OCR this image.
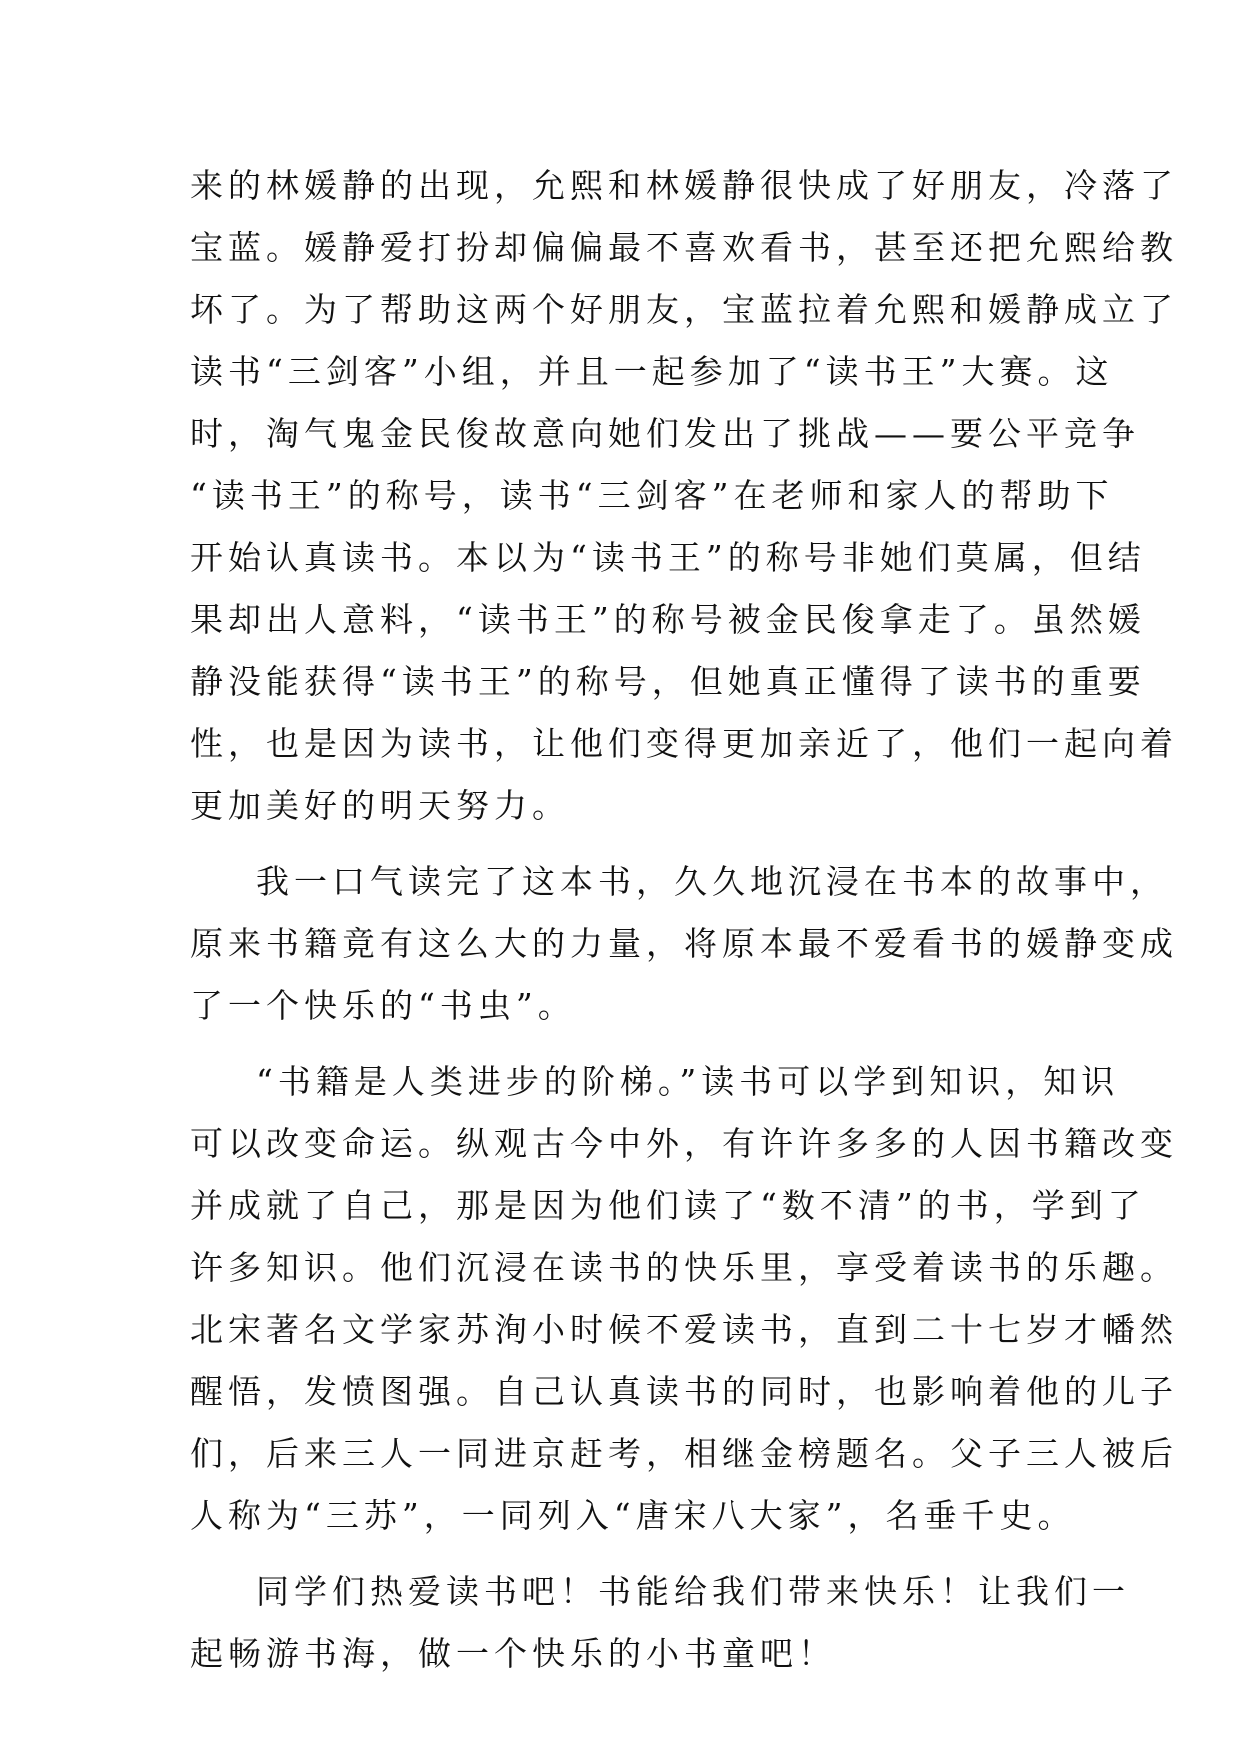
来的林媛静的出现，允熙和林媛静很快成了好朋友，冷落了
宝蓝。媛静爱打扮却偏偏最不喜欢看书，甚至还把允熙给教
坏了。为了帮助这两个好朋友，宝蓝拉着允熙和媛静成立了
读书“三剑客”小组，并且一起参加了“读书王”大赛。这
时，淘气鬼金民俊故意向她们发出了挑战——要公平竞争
“读书王”的称号，读书“三剑客”在老师和家人的帮助下
开始认真读书。本以为“读书王”的称号非她们莫属，但结
果却出人意料，“读书王”的称号被金民俊拿走了。虽然媛
静没能获得“读书王”的称号，但她真正懂得了读书的重要
性，也是因为读书，让他们变得更加亲近了，他们一起向着
更加美好的明天努力。
我一口气读完了这本书，久久地沉浸在书本的故事中，
原来书籍竟有这么大的力量，将原本最不爱看书的媛静变成
了一个快乐的“书虫”。
“书籍是人类进步的阶梯。”读书可以学到知识，知识
可以改变命运。纵观古今中外，有许许多多的人因书籍改变
并成就了自己，那是因为他们读了“数不清”的书，学到了
许多知识。他们沉浸在读书的快乐里，享受着读书的乐趣。
北宋著名文学家苏洵小时候不爱读书，直到二十七岁才幡然
醒悟，发愤图强。自己认真读书的同时，也影响着他的儿子
们，后来三人一同进京赶考，相继金榜题名。父子三人被后
人称为“三苏”，一同列入“唐宋八大家”，名垂千史。
同学们热爱读书吧！书能给我们带来快乐！让我们一
起畅游书海，做一个快乐的小书童吧！
